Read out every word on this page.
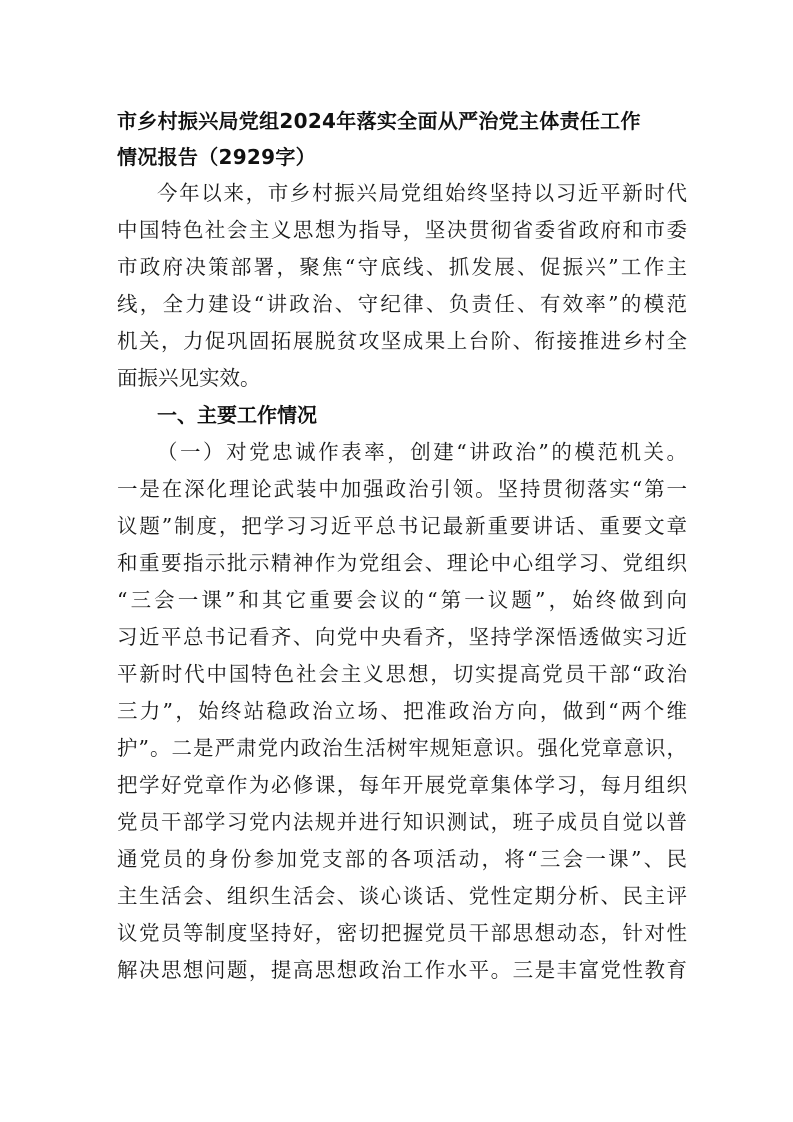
市乡村振兴局党组2024年落实全面从严治党主体责任工作
情况报告（2929字）
今年以来，市乡村振兴局党组始终坚持以习近平新时代
中国特色社会主义思想为指导，坚决贯彻省委省政府和市委
市政府决策部署，聚焦“守底线、抓发展、促振兴”工作主
线，全力建设“讲政治、守纪律、负责任、有效率”的模范
机关，力促巩固拓展脱贫攻坚成果上台阶、衔接推进乡村全
面振兴见实效。
一、主要工作情况
（一）对党忠诚作表率，创建“讲政治”的模范机关。
一是在深化理论武装中加强政治引领。坚持贯彻落实“第一
议题”制度，把学习习近平总书记最新重要讲话、重要文章
和重要指示批示精神作为党组会、理论中心组学习、党组织
“三会一课”和其它重要会议的“第一议题”，始终做到向
习近平总书记看齐、向党中央看齐，坚持学深悟透做实习近
平新时代中国特色社会主义思想，切实提高党员干部“政治
三力”，始终站稳政治立场、把准政治方向，做到“两个维
护”。二是严肃党内政治生活树牢规矩意识。强化党章意识，
把学好党章作为必修课，每年开展党章集体学习，每月组织
党员干部学习党内法规并进行知识测试，班子成员自觉以普
通党员的身份参加党支部的各项活动，将“三会一课”、民
主生活会、组织生活会、谈心谈话、党性定期分析、民主评
议党员等制度坚持好，密切把握党员干部思想动态，针对性
解决思想问题，提高思想政治工作水平。三是丰富党性教育
